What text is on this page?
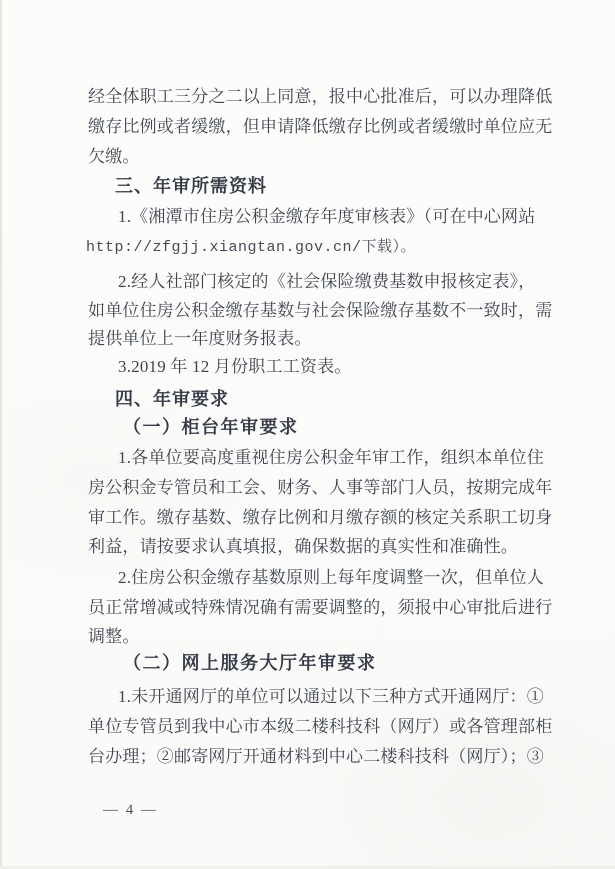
经全体职工三分之二以上同意，报中心批准后，可以办理降低
缴存比例或者缓缴，但申请降低缴存比例或者缓缴时单位应无
欠缴。
三、年审所需资料
1.《湘潭市住房公积金缴存年度审核表》（可在中心网站
http://zfgjj.xiangtan.gov.cn/下载）。
2.经人社部门核定的《社会保险缴费基数申报核定表》，
如单位住房公积金缴存基数与社会保险缴存基数不一致时，需
提供单位上一年度财务报表。
3.2019 年 12 月份职工工资表。
四、年审要求
（一）柜台年审要求
1.各单位要高度重视住房公积金年审工作，组织本单位住
房公积金专管员和工会、财务、人事等部门人员，按期完成年
审工作。缴存基数、缴存比例和月缴存额的核定关系职工切身
利益，请按要求认真填报，确保数据的真实性和准确性。
2.住房公积金缴存基数原则上每年度调整一次，但单位人
员正常增减或特殊情况确有需要调整的，须报中心审批后进行
调整。
（二）网上服务大厅年审要求
1.未开通网厅的单位可以通过以下三种方式开通网厅：①
单位专管员到我中心市本级二楼科技科（网厅）或各管理部柜
台办理；②邮寄网厅开通材料到中心二楼科技科（网厅）；③
— 4 —
